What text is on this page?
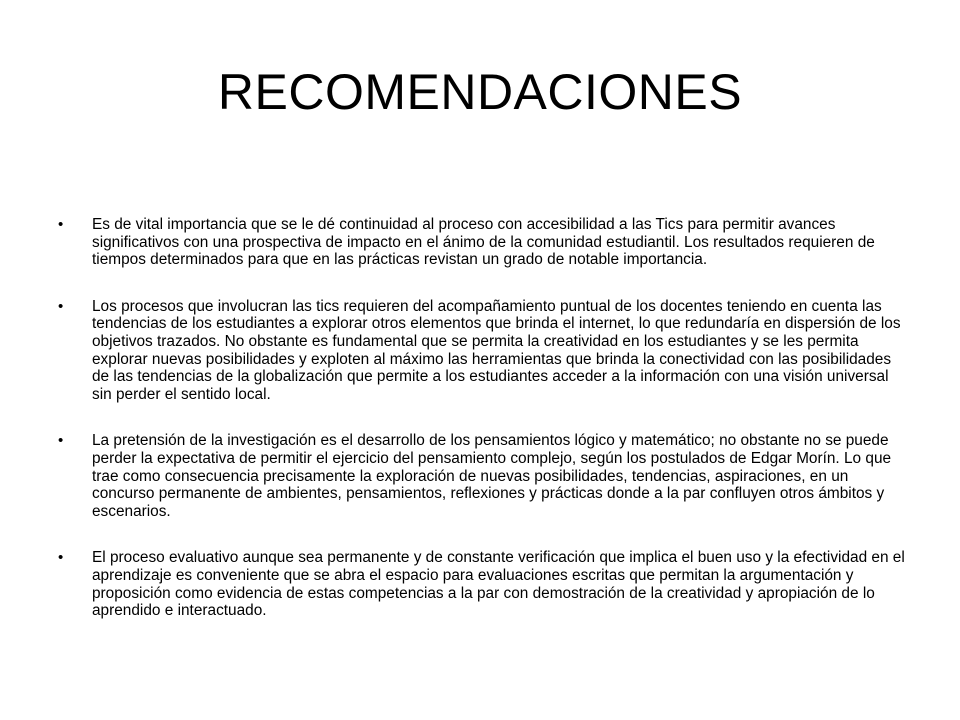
RECOMENDACIONES
• Es de vital importancia que se le dé continuidad al proceso con accesibilidad a las Tics para permitir avances significativos con una prospectiva de impacto en el ánimo de la comunidad estudiantil. Los resultados requieren de tiempos determinados para que en las prácticas revistan un grado de notable importancia.
• Los procesos que involucran las tics requieren del acompañamiento puntual de los docentes teniendo en cuenta las tendencias de los estudiantes a explorar otros elementos que brinda el internet, lo que redundaría en dispersión de los objetivos trazados. No obstante es fundamental que se permita la creatividad en los estudiantes y se les permita explorar nuevas posibilidades y exploten al máximo las herramientas que brinda la conectividad con las posibilidades de las tendencias de la globalización que permite a los estudiantes acceder a la información con una visión universal sin perder el sentido local.
• La pretensión de la investigación es el desarrollo de los pensamientos lógico y matemático; no obstante no se puede perder la expectativa de permitir el ejercicio del pensamiento complejo, según los postulados de Edgar Morín. Lo que trae como consecuencia precisamente la exploración de nuevas posibilidades, tendencias, aspiraciones, en un concurso permanente de ambientes, pensamientos, reflexiones y prácticas donde a la par confluyen otros ámbitos y escenarios.
• El proceso evaluativo aunque sea permanente y de constante verificación que implica el buen uso y la efectividad en el aprendizaje es conveniente que se abra el espacio para evaluaciones escritas que permitan la argumentación y proposición como evidencia de estas competencias a la par con demostración de la creatividad y apropiación de lo aprendido e interactuado.
